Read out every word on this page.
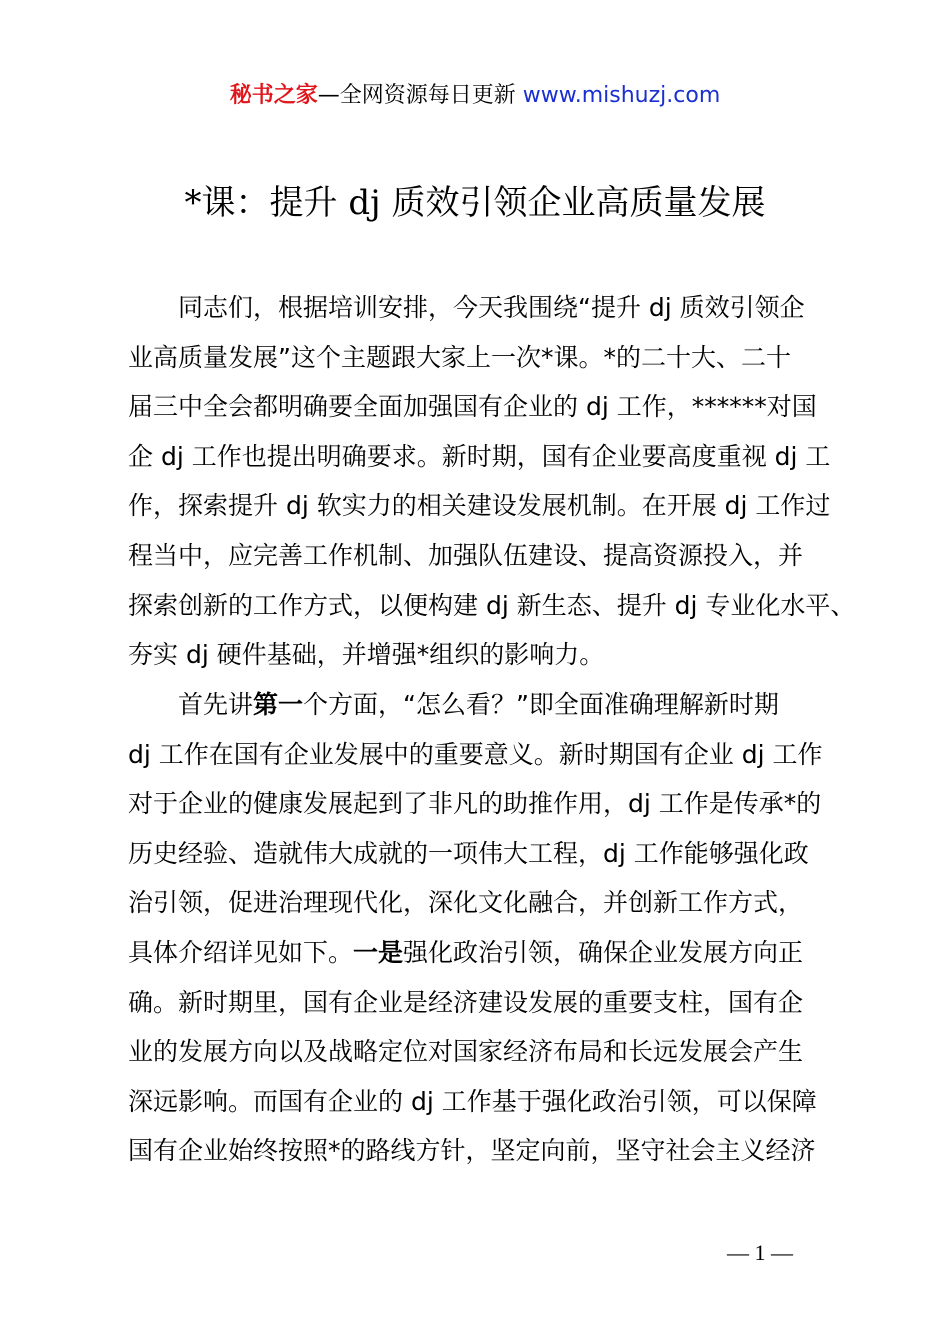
秘书之家—全网资源每日更新 www.mishuzj.com
*课：提升 dj 质效引领企业高质量发展

　　同志们，根据培训安排，今天我围绕“提升 dj 质效引领企

业高质量发展”这个主题跟大家上一次*课。*的二十大、二十

届三中全会都明确要全面加强国有企业的 dj 工作，******对国

企 dj 工作也提出明确要求。新时期，国有企业要高度重视 dj 工

作，探索提升 dj 软实力的相关建设发展机制。在开展 dj 工作过

程当中，应完善工作机制、加强队伍建设、提高资源投入，并

探索创新的工作方式，以便构建 dj 新生态、提升 dj 专业化水平、

夯实 dj 硬件基础，并增强*组织的影响力。

　　首先讲第一个方面，“怎么看？”即全面准确理解新时期

dj 工作在国有企业发展中的重要意义。新时期国有企业 dj 工作

对于企业的健康发展起到了非凡的助推作用，dj 工作是传承*的

历史经验、造就伟大成就的一项伟大工程，dj 工作能够强化政

治引领，促进治理现代化，深化文化融合，并创新工作方式，

具体介绍详见如下。一是强化政治引领，确保企业发展方向正

确。新时期里，国有企业是经济建设发展的重要支柱，国有企

业的发展方向以及战略定位对国家经济布局和长远发展会产生

深远影响。而国有企业的 dj 工作基于强化政治引领，可以保障

国有企业始终按照*的路线方针，坚定向前，坚守社会主义经济

— 1 —
